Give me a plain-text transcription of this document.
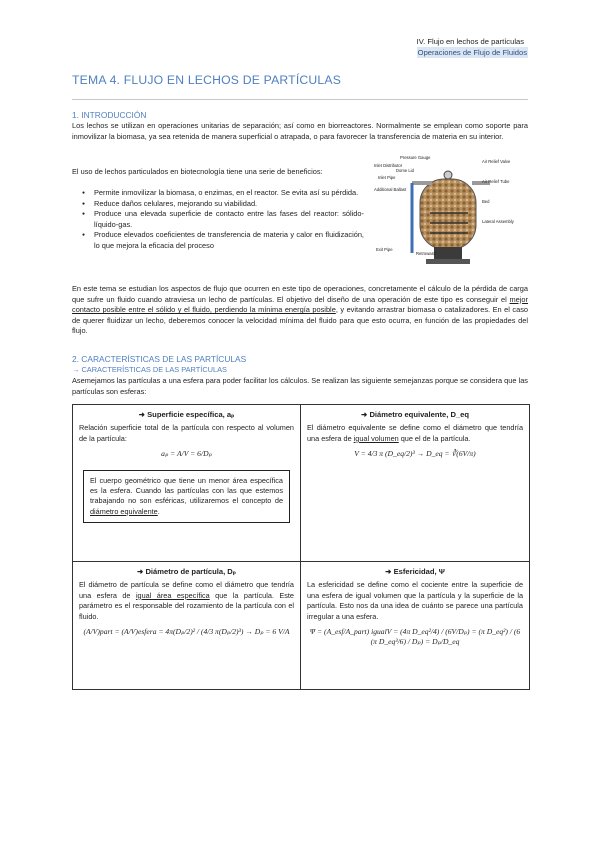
IV. Flujo en lechos de partículas
Operaciones de Flujo de Fluidos
TEMA 4. FLUJO EN LECHOS DE PARTÍCULAS
1. INTRODUCCIÓN
Los lechos se utilizan en operaciones unitarias de separación; así como en biorreactores. Normalmente se emplean como soporte para inmovilizar la biomasa, ya sea retenida de manera superficial o atrapada, o para favorecer la transferencia de materia en su interior.
El uso de lechos particulados en biotecnología tiene una serie de beneficios:
● Permite inmovilizar la biomasa, o enzimas, en el reactor. Se evita así su pérdida.
● Reduce daños celulares, mejorando su viabilidad.
● Produce una elevada superficie de contacto entre las fases del reactor: sólido-líquido-gas.
● Produce elevados coeficientes de transferencia de materia y calor en fluidización, lo que mejora la eficacia del proceso
Pressure Gauge
Inlet Distributor
Dome Lid
Air Relief Valve
Inlet Pipe
Air Relief Tube
Additional Ballast
Bed
Lateral Assembly
Exit Pipe
Retrowash
En este tema se estudian los aspectos de flujo que ocurren en este tipo de operaciones, concretamente el cálculo de la pérdida de carga que sufre un fluido cuando atraviesa un lecho de partículas. El objetivo del diseño de una operación de este tipo es conseguir el mejor contacto posible entre el sólido y el fluido, perdiendo la mínima energía posible, y evitando arrastrar biomasa o catalizadores. En el caso de querer fluidizar un lecho, deberemos conocer la velocidad mínima del fluido para que esto ocurra, en función de las propiedades del flujo.
2. CARACTERÍSTICAS DE LAS PARTÍCULAS
→ CARACTERÍSTICAS DE LAS PARTÍCULAS
Asemejamos las partículas a una esfera para poder facilitar los cálculos. Se realizan las siguiente semejanzas porque se considera que las partículas son esferas:
➜ Superficie específica, aₚ
Relación superficie total de la partícula con respecto al volumen de la partícula:
aₚ = A/V = 6/Dₚ
El cuerpo geométrico que tiene un menor área específica es la esfera. Cuando las partículas con las que estemos trabajando no son esféricas, utilizaremos el concepto de diámetro equivalente.
➜ Diámetro equivalente, D_eq
El diámetro equivalente se define como el diámetro que tendría una esfera de igual volumen que el de la partícula.
V = 4/3 π (D_eq/2)³ → D_eq = ∛(6V/π)
➜ Diámetro de partícula, Dₚ
El diámetro de partícula se define como el diámetro que tendría una esfera de igual área específica que la partícula. Este parámetro es el responsable del rozamiento de la partícula con el fluido.
(A/V)part = (A/V)esfera = 4π(Dₚ/2)² / (4/3 π(Dₚ/2)³) → Dₚ = 6 V/A
➜ Esfericidad, Ψ
La esfericidad se define como el cociente entre la superficie de una esfera de igual volumen que la partícula y la superficie de la partícula. Esto nos da una idea de cuánto se parece una partícula irregular a una esfera.
Ψ = (A_esf/A_part) igualV = (4π D_eq²/4) / (6V/Dₚ) = (π D_eq²) / (6 (π D_eq³/6) / Dₚ) = Dₚ/D_eq
